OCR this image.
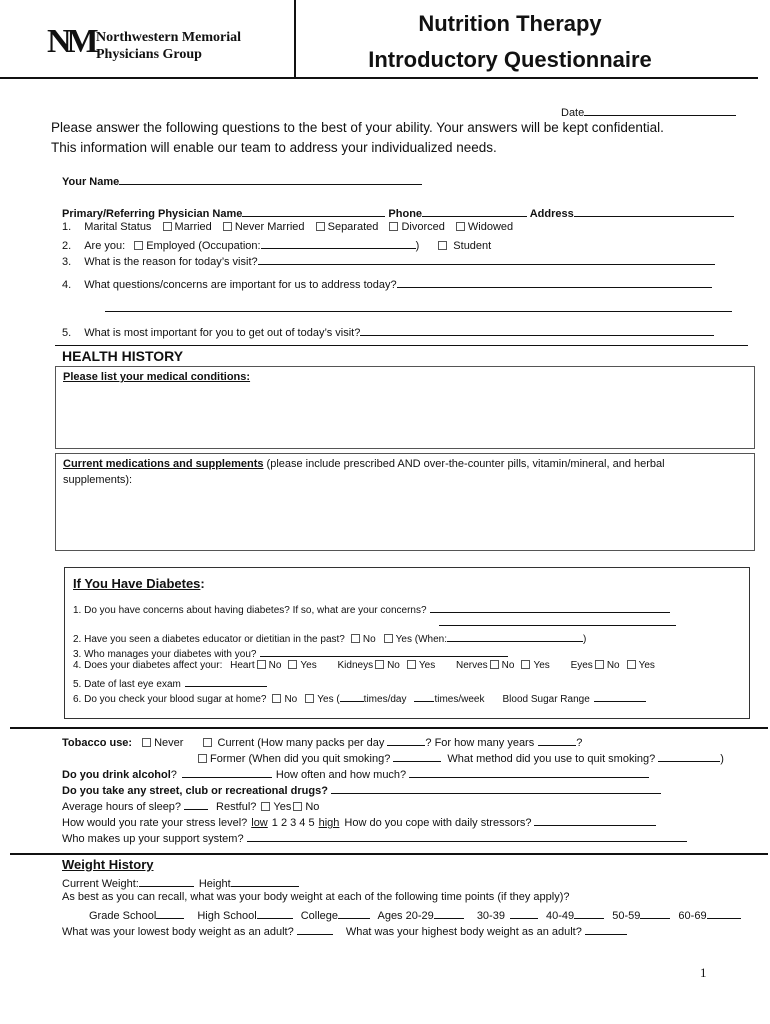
NM Northwestern Memorial
Physicians Group
Nutrition Therapy
Introductory Questionnaire
Date
Please answer the following questions to the best of your ability. Your answers will be kept confidential.
This information will enable our team to address your individualized needs.
Your Name
Primary/Referring Physician Name	Phone	Address
1. Marital Status Married Never Married Separated Divorced Widowed
2. Are you: Employed (Occupation:	)	Student
3. What is the reason for today’s visit?
4. What questions/concerns are important for us to address today?
5. What is most important for you to get out of today’s visit?
HEALTH HISTORY
Please list your medical conditions:
Current medications and supplements (please include prescribed AND over-the-counter pills, vitamin/mineral, and herbal
supplements):
If You Have Diabetes:
1. Do you have concerns about having diabetes? If so, what are your concerns?
2. Have you seen a diabetes educator or dietitian in the past? No Yes (When:	)
3. Who manages your diabetes with you?
4. Does your diabetes affect your: Heart No Yes Kidneys No Yes Nerves No Yes Eyes No Yes
5. Date of last eye exam
6. Do you check your blood sugar at home? No Yes ( times/day	times/week Blood Sugar Range
Tobacco use: Never	Current (How many packs per day	? For how many years	?
Former (When did you quit smoking?	What method did you use to quit smoking?	)
Do you drink alcohol?	How often and how much?
Do you take any street, club or recreational drugs?
Average hours of sleep?	Restful? Yes No
How would you rate your stress level? low 1 2 3 4 5 high How do you cope with daily stressors?
Who makes up your support system?
Weight History
Current Weight:	Height
As best as you can recall, what was your body weight at each of the following time points (if they apply)?
Grade School	High School	College	Ages 20-29	30-39	40-49	50-59	60-69
What was your lowest body weight as an adult?	What was your highest body weight as an adult?
1
